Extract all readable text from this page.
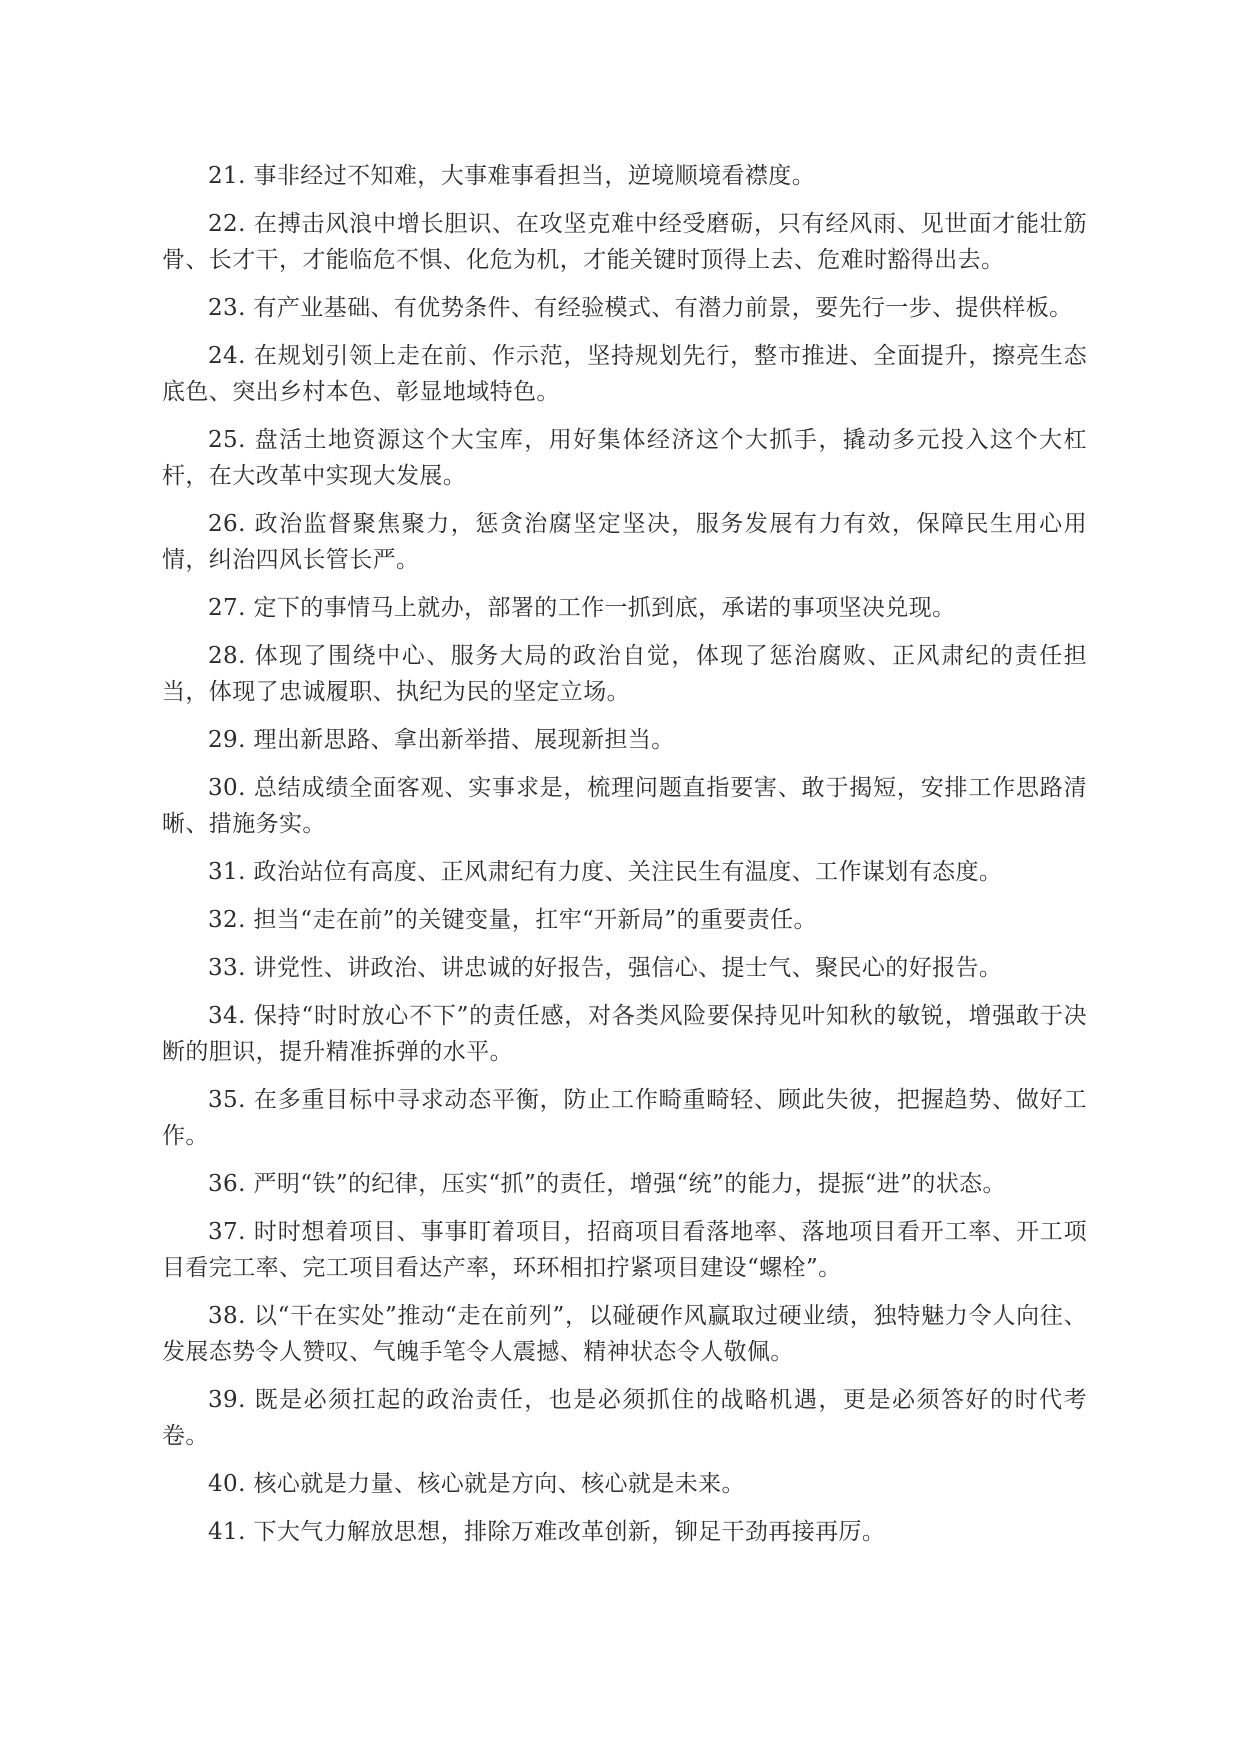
21. 事非经过不知难，大事难事看担当，逆境顺境看襟度。

22. 在搏击风浪中增长胆识、在攻坚克难中经受磨砺，只有经风雨、见世面才能壮筋骨、长才干，才能临危不惧、化危为机，才能关键时顶得上去、危难时豁得出去。

23. 有产业基础、有优势条件、有经验模式、有潜力前景，要先行一步、提供样板。

24. 在规划引领上走在前、作示范，坚持规划先行，整市推进、全面提升，擦亮生态底色、突出乡村本色、彰显地域特色。

25. 盘活土地资源这个大宝库，用好集体经济这个大抓手，撬动多元投入这个大杠杆，在大改革中实现大发展。

26. 政治监督聚焦聚力，惩贪治腐坚定坚决，服务发展有力有效，保障民生用心用情，纠治四风长管长严。

27. 定下的事情马上就办，部署的工作一抓到底，承诺的事项坚决兑现。

28. 体现了围绕中心、服务大局的政治自觉，体现了惩治腐败、正风肃纪的责任担当，体现了忠诚履职、执纪为民的坚定立场。

29. 理出新思路、拿出新举措、展现新担当。

30. 总结成绩全面客观、实事求是，梳理问题直指要害、敢于揭短，安排工作思路清晰、措施务实。

31. 政治站位有高度、正风肃纪有力度、关注民生有温度、工作谋划有态度。

32. 担当“走在前”的关键变量，扛牢“开新局”的重要责任。

33. 讲党性、讲政治、讲忠诚的好报告，强信心、提士气、聚民心的好报告。

34. 保持“时时放心不下”的责任感，对各类风险要保持见叶知秋的敏锐，增强敢于决断的胆识，提升精准拆弹的水平。

35. 在多重目标中寻求动态平衡，防止工作畸重畸轻、顾此失彼，把握趋势、做好工作。

36. 严明“铁”的纪律，压实“抓”的责任，增强“统”的能力，提振“进”的状态。

37. 时时想着项目、事事盯着项目，招商项目看落地率、落地项目看开工率、开工项目看完工率、完工项目看达产率，环环相扣拧紧项目建设“螺栓”。

38. 以“干在实处”推动“走在前列”，以碰硬作风赢取过硬业绩，独特魅力令人向往、发展态势令人赞叹、气魄手笔令人震撼、精神状态令人敬佩。

39. 既是必须扛起的政治责任，也是必须抓住的战略机遇，更是必须答好的时代考卷。

40. 核心就是力量、核心就是方向、核心就是未来。

41. 下大气力解放思想，排除万难改革创新，铆足干劲再接再厉。
